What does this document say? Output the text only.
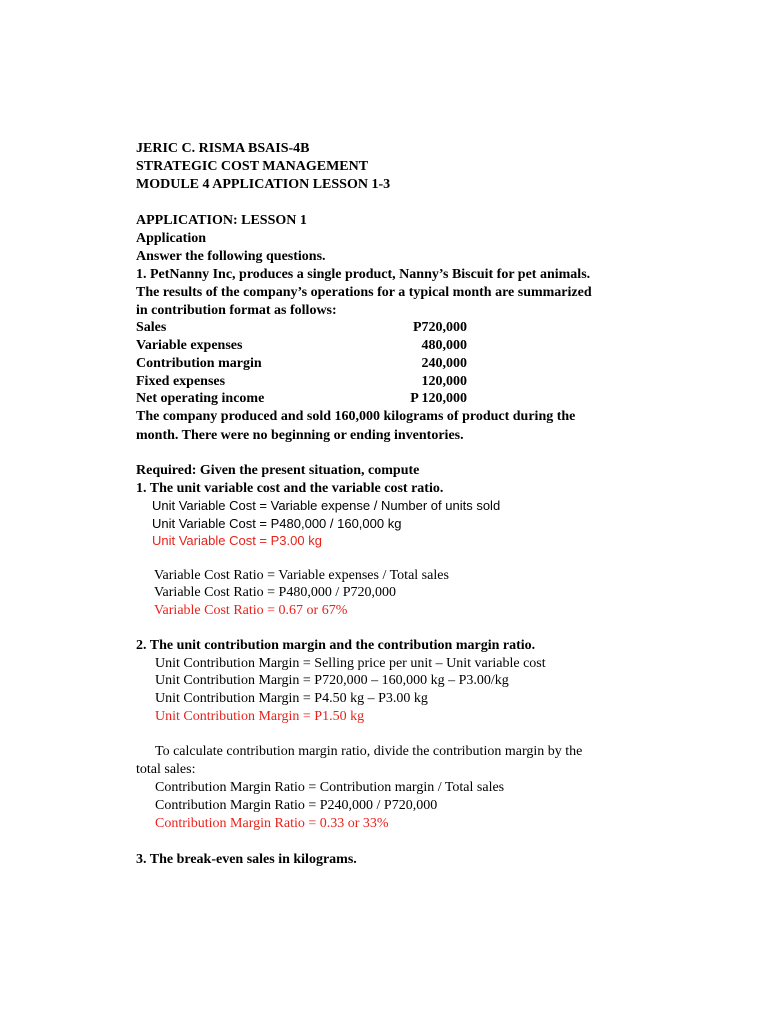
JERIC C. RISMA BSAIS-4B
STRATEGIC COST MANAGEMENT
MODULE 4 APPLICATION LESSON 1-3
APPLICATION: LESSON 1
Application
Answer the following questions.
1. PetNanny Inc, produces a single product, Nanny’s Biscuit for pet animals.
The results of the company’s operations for a typical month are summarized
in contribution format as follows:
Sales	P720,000
Variable expenses	480,000
Contribution margin	240,000
Fixed expenses	120,000
Net operating income	P 120,000
The company produced and sold 160,000 kilograms of product during the
month. There were no beginning or ending inventories.
Required: Given the present situation, compute
1. The unit variable cost and the variable cost ratio.
Unit Variable Cost = Variable expense / Number of units sold
Unit Variable Cost = P480,000 / 160,000 kg
Unit Variable Cost = P3.00 kg
Variable Cost Ratio = Variable expenses / Total sales
Variable Cost Ratio = P480,000 / P720,000
Variable Cost Ratio = 0.67 or 67%
2. The unit contribution margin and the contribution margin ratio.
Unit Contribution Margin = Selling price per unit – Unit variable cost
Unit Contribution Margin = P720,000 – 160,000 kg – P3.00/kg
Unit Contribution Margin = P4.50 kg – P3.00 kg
Unit Contribution Margin = P1.50 kg
To calculate contribution margin ratio, divide the contribution margin by the
total sales:
Contribution Margin Ratio = Contribution margin / Total sales
Contribution Margin Ratio = P240,000 / P720,000
Contribution Margin Ratio = 0.33 or 33%
3. The break-even sales in kilograms.
